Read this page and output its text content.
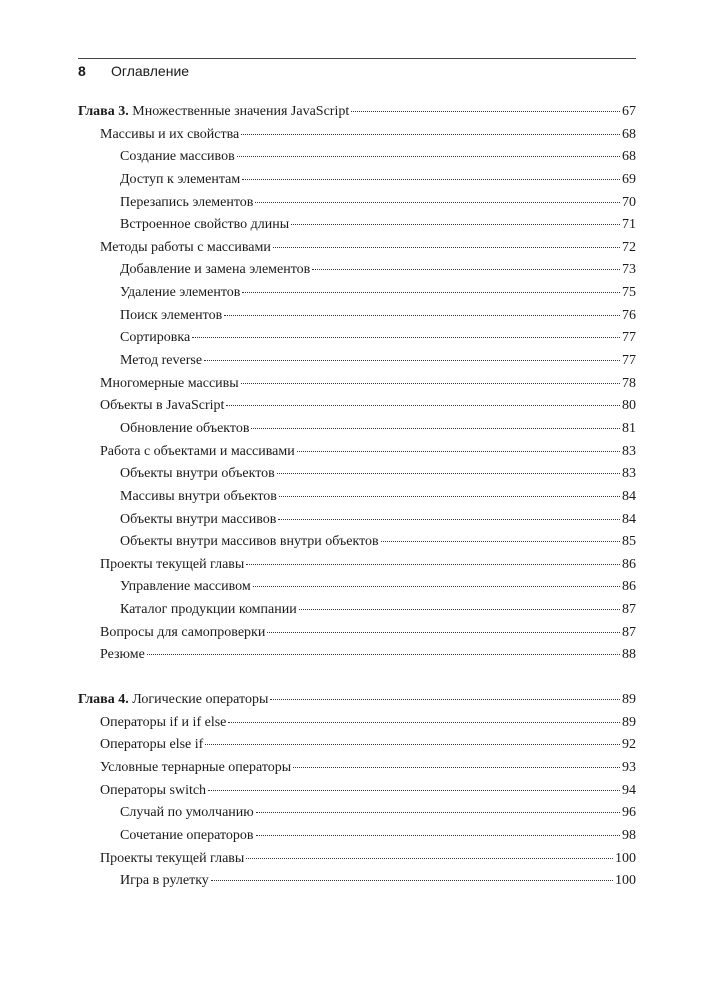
8 Оглавление
Глава 3. Множественные значения JavaScript	67
Массивы и их свойства	68
Создание массивов	68
Доступ к элементам	69
Перезапись элементов	70
Встроенное свойство длины	71
Методы работы с массивами	72
Добавление и замена элементов	73
Удаление элементов	75
Поиск элементов	76
Сортировка	77
Метод reverse	77
Многомерные массивы	78
Объекты в JavaScript	80
Обновление объектов	81
Работа с объектами и массивами	83
Объекты внутри объектов	83
Массивы внутри объектов	84
Объекты внутри массивов	84
Объекты внутри массивов внутри объектов	85
Проекты текущей главы	86
Управление массивом	86
Каталог продукции компании	87
Вопросы для самопроверки	87
Резюме	88
Глава 4. Логические операторы	89
Операторы if и if else	89
Операторы else if	92
Условные тернарные операторы	93
Операторы switch	94
Случай по умолчанию	96
Сочетание операторов	98
Проекты текущей главы	100
Игра в рулетку	100
